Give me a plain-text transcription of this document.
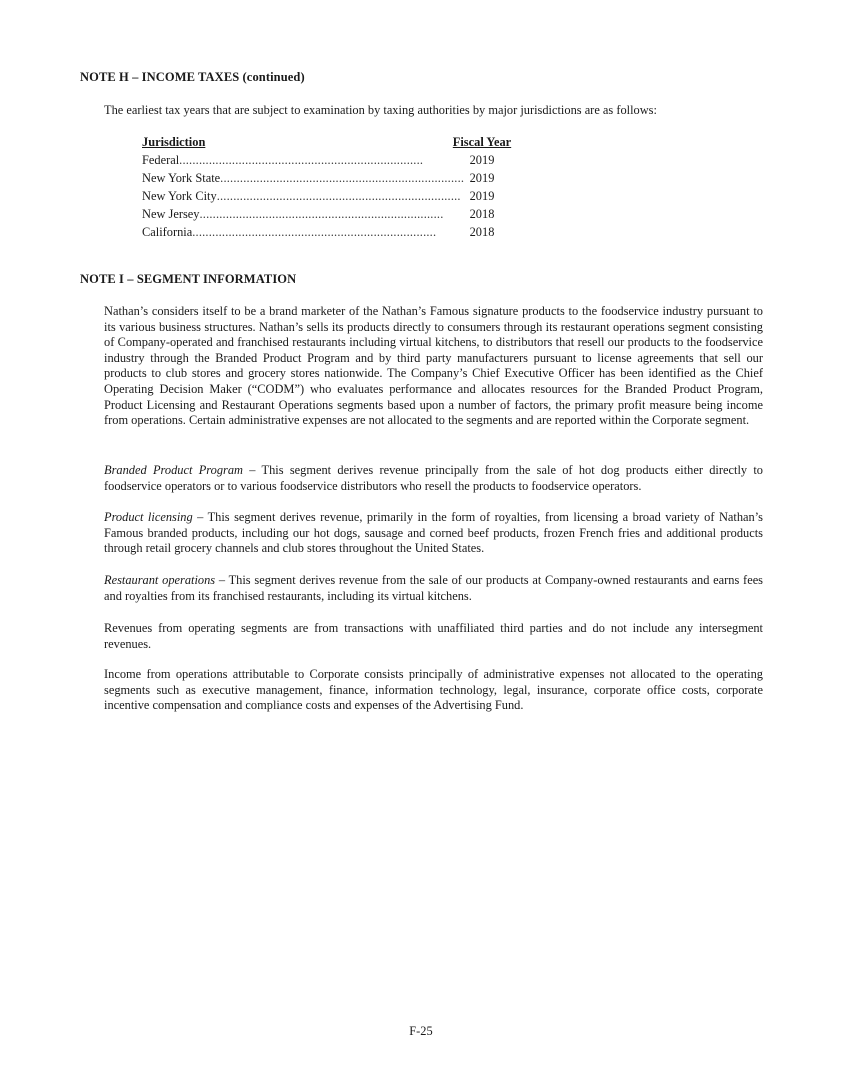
NOTE H – INCOME TAXES (continued)

The earliest tax years that are subject to examination by taxing authorities by major jurisdictions are as follows:

Jurisdiction	Fiscal Year
Federal..........................................................................	2019
New York State.......................................................................... 2019
New York City.......................................................................... 2019
New Jersey..........................................................................	2018
California..........................................................................	2018
NOTE I – SEGMENT INFORMATION

Nathan’s considers itself to be a brand marketer of the Nathan’s Famous signature products to the foodservice industry pursuant to its various business structures. Nathan’s sells its products directly to consumers through its restaurant operations segment consisting of Company-operated and franchised restaurants including virtual kitchens, to distributors that resell our products to the foodservice industry through the Branded Product Program and by third party manufacturers pursuant to license agreements that sell our products to club stores and grocery stores nationwide. The Company’s Chief Executive Officer has been identified as the Chief Operating Decision Maker (“CODM”) who evaluates performance and allocates resources for the Branded Product Program, Product Licensing and Restaurant Operations segments based upon a number of factors, the primary profit measure being income from operations. Certain administrative expenses are not allocated to the segments and are reported within the Corporate segment.

Branded Product Program – This segment derives revenue principally from the sale of hot dog products either directly to foodservice operators or to various foodservice distributors who resell the products to foodservice operators.

Product licensing – This segment derives revenue, primarily in the form of royalties, from licensing a broad variety of Nathan’s Famous branded products, including our hot dogs, sausage and corned beef products, frozen French fries and additional products through retail grocery channels and club stores throughout the United States.

Restaurant operations – This segment derives revenue from the sale of our products at Company-owned restaurants and earns fees and royalties from its franchised restaurants, including its virtual kitchens.

Revenues from operating segments are from transactions with unaffiliated third parties and do not include any intersegment revenues.

Income from operations attributable to Corporate consists principally of administrative expenses not allocated to the operating segments such as executive management, finance, information technology, legal, insurance, corporate office costs, corporate incentive compensation and compliance costs and expenses of the Advertising Fund.

F-25
